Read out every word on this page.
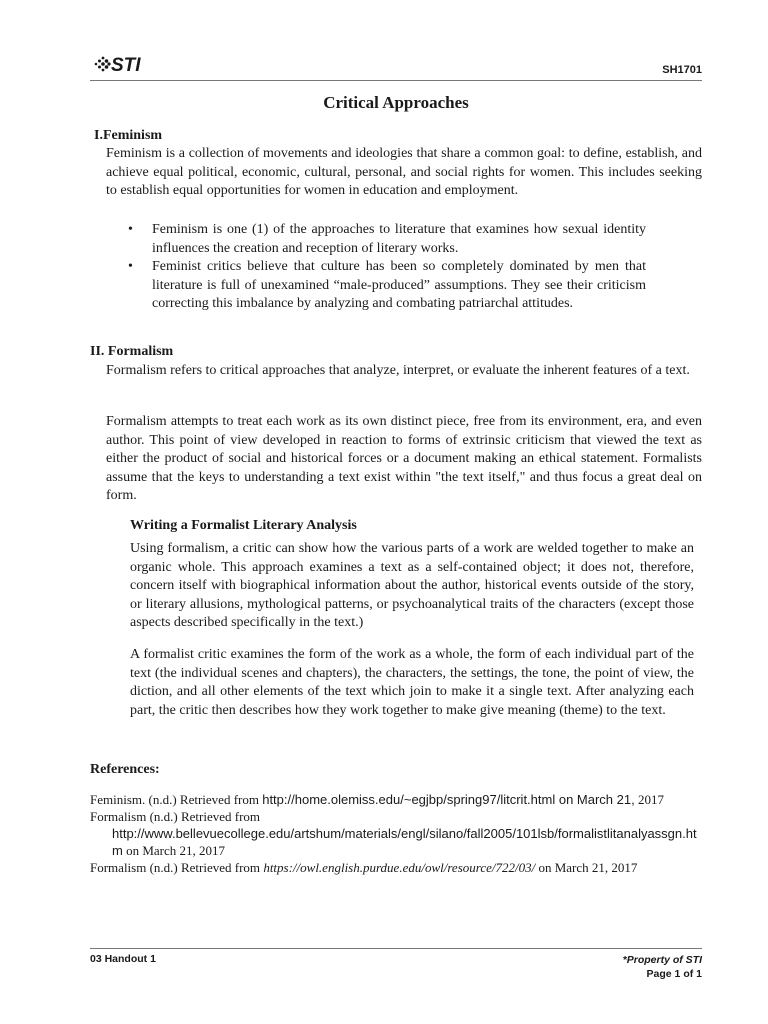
STI	SH1701
Critical Approaches
I.Feminism
Feminism is a collection of movements and ideologies that share a common goal: to define, establish, and achieve equal political, economic, cultural, personal, and social rights for women. This includes seeking to establish equal opportunities for women in education and employment.
• Feminism is one (1) of the approaches to literature that examines how sexual identity influences the creation and reception of literary works.
• Feminist critics believe that culture has been so completely dominated by men that literature is full of unexamined “male-produced” assumptions. They see their criticism correcting this imbalance by analyzing and combating patriarchal attitudes.
II. Formalism
Formalism refers to critical approaches that analyze, interpret, or evaluate the inherent features of a text.
Formalism attempts to treat each work as its own distinct piece, free from its environment, era, and even author. This point of view developed in reaction to forms of extrinsic criticism that viewed the text as either the product of social and historical forces or a document making an ethical statement. Formalists assume that the keys to understanding a text exist within "the text itself," and thus focus a great deal on form.
Writing a Formalist Literary Analysis
Using formalism, a critic can show how the various parts of a work are welded together to make an organic whole. This approach examines a text as a self-contained object; it does not, therefore, concern itself with biographical information about the author, historical events outside of the story, or literary allusions, mythological patterns, or psychoanalytical traits of the characters (except those aspects described specifically in the text.)
A formalist critic examines the form of the work as a whole, the form of each individual part of the text (the individual scenes and chapters), the characters, the settings, the tone, the point of view, the diction, and all other elements of the text which join to make it a single text. After analyzing each part, the critic then describes how they work together to make give meaning (theme) to the text.
References:
Feminism. (n.d.) Retrieved from http://home.olemiss.edu/~egjbp/spring97/litcrit.html on March 21, 2017
Formalism (n.d.) Retrieved from
http://www.bellevuecollege.edu/artshum/materials/engl/silano/fall2005/101lsb/formalistlitanalyassgn.htm on March 21, 2017
Formalism (n.d.) Retrieved from https://owl.english.purdue.edu/owl/resource/722/03/ on March 21, 2017
03 Handout 1	*Property of STI
Page 1 of 1
